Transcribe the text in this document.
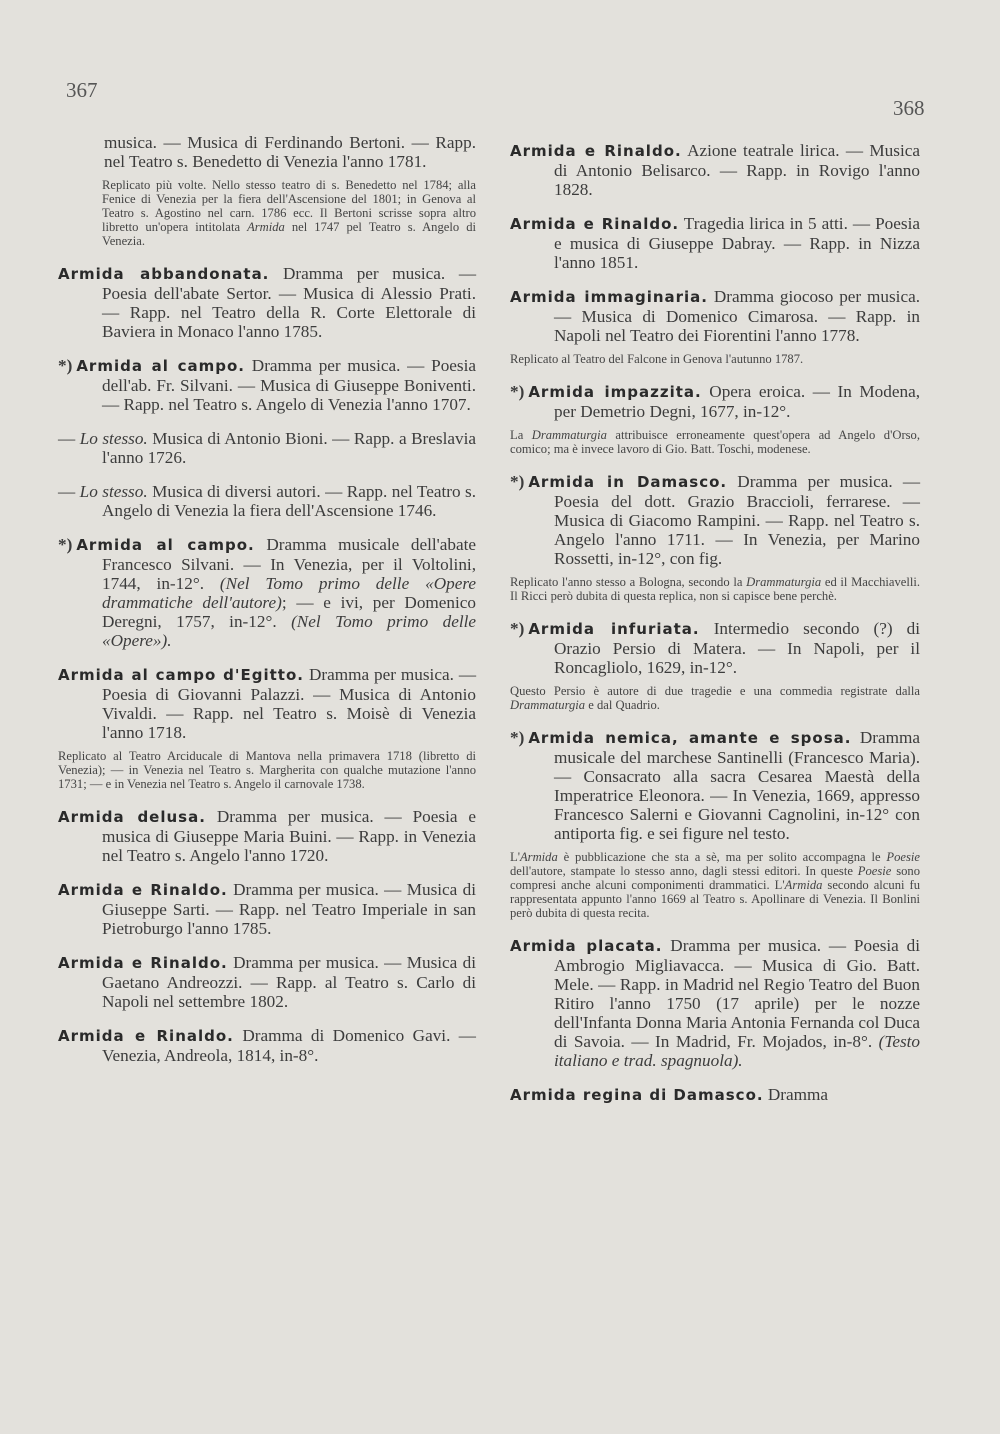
367
368
musica. — Musica di Ferdinando Bertoni. — Rapp. nel Teatro s. Benedetto di Venezia l'anno 1781.
Replicato più volte. Nello stesso teatro di s. Benedetto nel 1784; alla Fenice di Venezia per la fiera dell'Ascensione del 1801; in Genova al Teatro s. Agostino nel carn. 1786 ecc. Il Bertoni scrisse sopra altro libretto un'opera intitolata Armida nel 1747 pel Teatro s. Angelo di Venezia.
Armida abbandonata. Dramma per musica. — Poesia dell'abate Sertor. — Musica di Alessio Prati. — Rapp. nel Teatro della R. Corte Elettorale di Baviera in Monaco l'anno 1785.
*) Armida al campo. Dramma per musica. — Poesia dell'ab. Fr. Silvani. — Musica di Giuseppe Boniventi. — Rapp. nel Teatro s. Angelo di Venezia l'anno 1707.
— Lo stesso. Musica di Antonio Bioni. — Rapp. a Breslavia l'anno 1726.
— Lo stesso. Musica di diversi autori. — Rapp. nel Teatro s. Angelo di Venezia la fiera dell'Ascensione 1746.
*) Armida al campo. Dramma musicale dell'abate Francesco Silvani. — In Venezia, per il Voltolini, 1744, in-12°. (Nel Tomo primo delle «Opere drammatiche dell'autore); — e ivi, per Domenico Deregni, 1757, in-12°. (Nel Tomo primo delle «Opere»).
Armida al campo d'Egitto. Dramma per musica. — Poesia di Giovanni Palazzi. — Musica di Antonio Vivaldi. — Rapp. nel Teatro s. Moisè di Venezia l'anno 1718.
Replicato al Teatro Arciducale di Mantova nella primavera 1718 (libretto di Venezia); — in Venezia nel Teatro s. Margherita con qualche mutazione l'anno 1731; — e in Venezia nel Teatro s. Angelo il carnovale 1738.
Armida delusa. Dramma per musica. — Poesia e musica di Giuseppe Maria Buini. — Rapp. in Venezia nel Teatro s. Angelo l'anno 1720.
Armida e Rinaldo. Dramma per musica. — Musica di Giuseppe Sarti. — Rapp. nel Teatro Imperiale in san Pietroburgo l'anno 1785.
Armida e Rinaldo. Dramma per musica. — Musica di Gaetano Andreozzi. — Rapp. al Teatro s. Carlo di Napoli nel settembre 1802.
Armida e Rinaldo. Dramma di Domenico Gavi. — Venezia, Andreola, 1814, in-8°.
Armida e Rinaldo. Azione teatrale lirica. — Musica di Antonio Belisarco. — Rapp. in Rovigo l'anno 1828.
Armida e Rinaldo. Tragedia lirica in 5 atti. — Poesia e musica di Giuseppe Dabray. — Rapp. in Nizza l'anno 1851.
Armida immaginaria. Dramma giocoso per musica. — Musica di Domenico Cimarosa. — Rapp. in Napoli nel Teatro dei Fiorentini l'anno 1778.
Replicato al Teatro del Falcone in Genova l'autunno 1787.
*) Armida impazzita. Opera eroica. — In Modena, per Demetrio Degni, 1677, in-12°.
La Drammaturgia attribuisce erroneamente quest'opera ad Angelo d'Orso, comico; ma è invece lavoro di Gio. Batt. Toschi, modenese.
*) Armida in Damasco. Dramma per musica. — Poesia del dott. Grazio Braccioli, ferrarese. — Musica di Giacomo Rampini. — Rapp. nel Teatro s. Angelo l'anno 1711. — In Venezia, per Marino Rossetti, in-12°, con fig.
Replicato l'anno stesso a Bologna, secondo la Drammaturgia ed il Macchiavelli. Il Ricci però dubita di questa replica, non si capisce bene perchè.
*) Armida infuriata. Intermedio secondo (?) di Orazio Persio di Matera. — In Napoli, per il Roncagliolo, 1629, in-12°.
Questo Persio è autore di due tragedie e una commedia registrate dalla Drammaturgia e dal Quadrio.
*) Armida nemica, amante e sposa. Dramma musicale del marchese Santinelli (Francesco Maria). — Consacrato alla sacra Cesarea Maestà della Imperatrice Eleonora. — In Venezia, 1669, appresso Francesco Salerni e Giovanni Cagnolini, in-12° con antiporta fig. e sei figure nel testo.
L'Armida è pubblicazione che sta a sè, ma per solito accompagna le Poesie dell'autore, stampate lo stesso anno, dagli stessi editori. In queste Poesie sono compresi anche alcuni componimenti drammatici. L'Armida secondo alcuni fu rappresentata appunto l'anno 1669 al Teatro s. Apollinare di Venezia. Il Bonlini però dubita di questa recita.
Armida placata. Dramma per musica. — Poesia di Ambrogio Migliavacca. — Musica di Gio. Batt. Mele. — Rapp. in Madrid nel Regio Teatro del Buon Ritiro l'anno 1750 (17 aprile) per le nozze dell'Infanta Donna Maria Antonia Fernanda col Duca di Savoia. — In Madrid, Fr. Mojados, in-8°. (Testo italiano e trad. spagnuola).
Armida regina di Damasco. Dramma
